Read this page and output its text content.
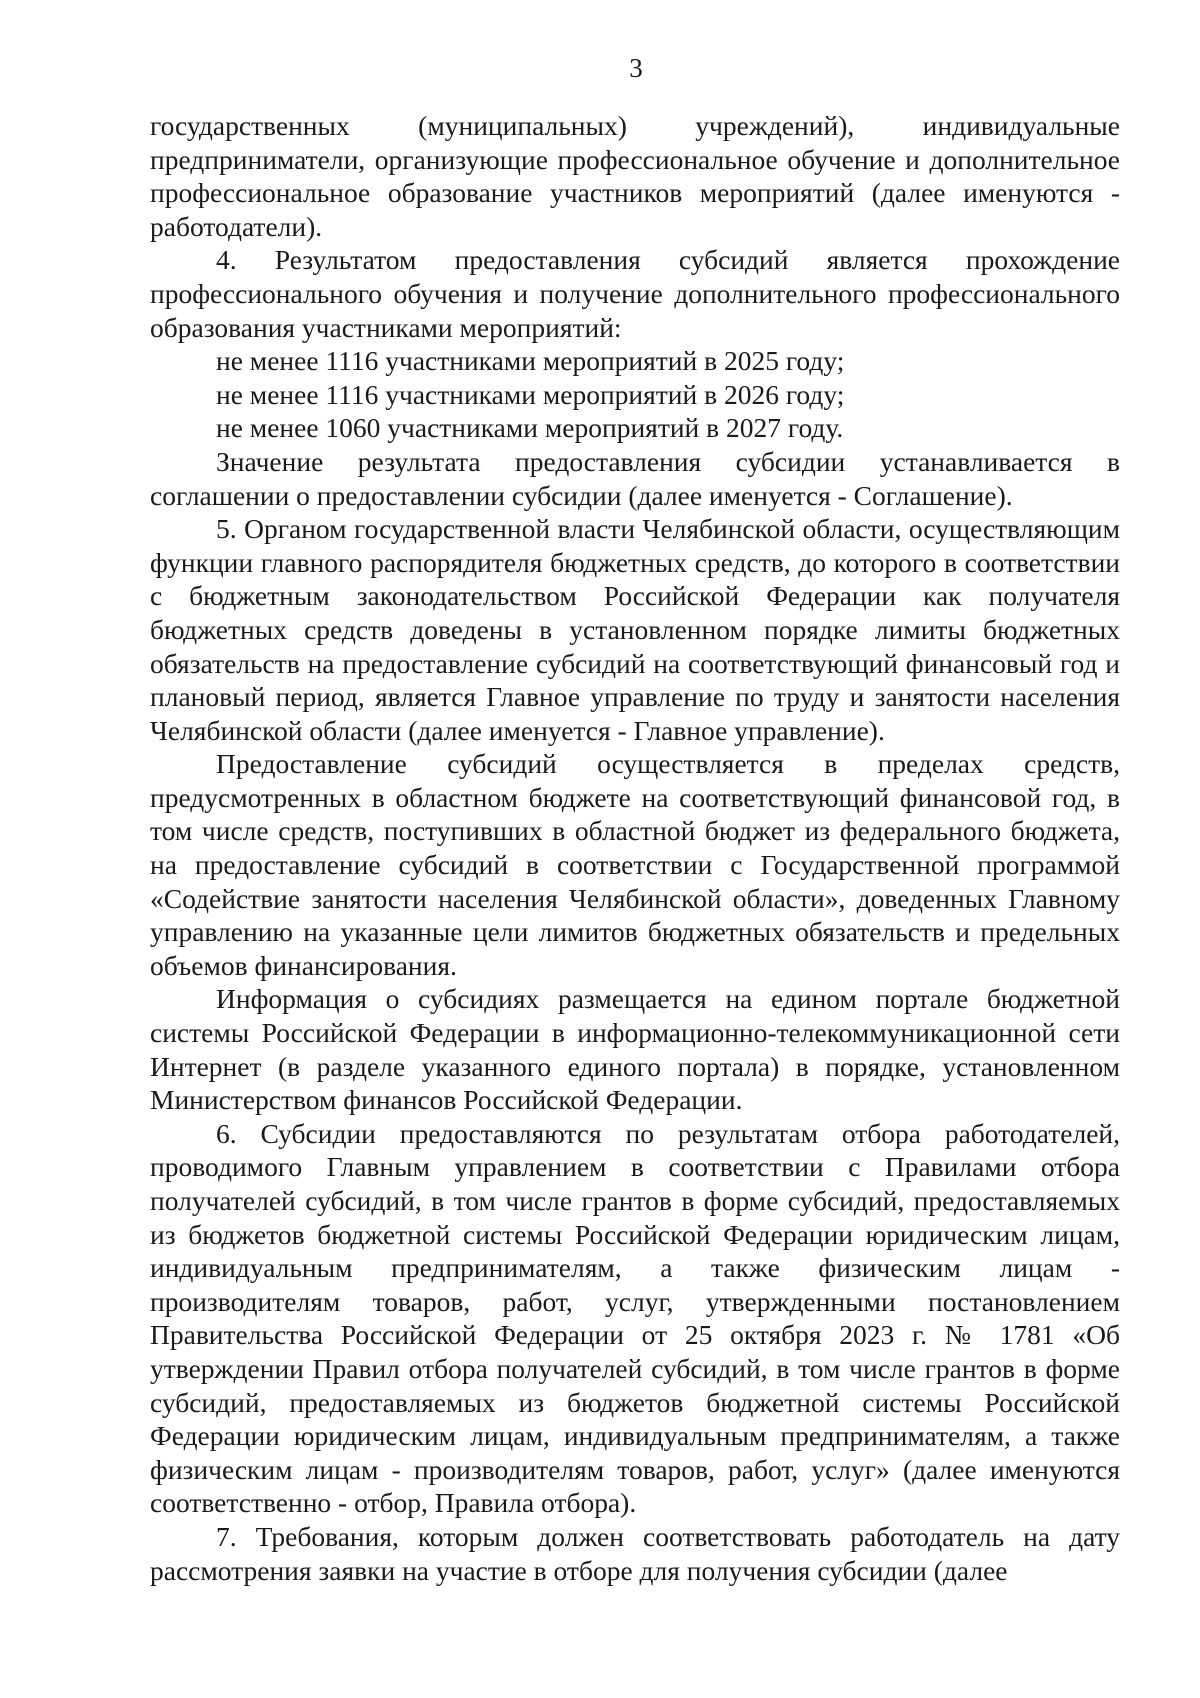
3

государственных (муниципальных) учреждений), индивидуальные предприниматели, организующие профессиональное обучение и дополнительное профессиональное образование участников мероприятий (далее именуются - работодатели).

4. Результатом предоставления субсидий является прохождение профессионального обучения и получение дополнительного профессионального образования участниками мероприятий:

не менее 1116 участниками мероприятий в 2025 году;

не менее 1116 участниками мероприятий в 2026 году;

не менее 1060 участниками мероприятий в 2027 году.

Значение результата предоставления субсидии устанавливается в соглашении о предоставлении субсидии (далее именуется - Соглашение).

5. Органом государственной власти Челябинской области, осуществляющим функции главного распорядителя бюджетных средств, до которого в соответствии с бюджетным законодательством Российской Федерации как получателя бюджетных средств доведены в установленном порядке лимиты бюджетных обязательств на предоставление субсидий на соответствующий финансовый год и плановый период, является Главное управление по труду и занятости населения Челябинской области (далее именуется - Главное управление).

Предоставление субсидий осуществляется в пределах средств, предусмотренных в областном бюджете на соответствующий финансовой год, в том числе средств, поступивших в областной бюджет из федерального бюджета, на предоставление субсидий в соответствии с Государственной программой «Содействие занятости населения Челябинской области», доведенных Главному управлению на указанные цели лимитов бюджетных обязательств и предельных объемов финансирования.

Информация о субсидиях размещается на едином портале бюджетной системы Российской Федерации в информационно-телекоммуникационной сети Интернет (в разделе указанного единого портала) в порядке, установленном Министерством финансов Российской Федерации.

6. Субсидии предоставляются по результатам отбора работодателей, проводимого Главным управлением в соответствии с Правилами отбора получателей субсидий, в том числе грантов в форме субсидий, предоставляемых из бюджетов бюджетной системы Российской Федерации юридическим лицам, индивидуальным предпринимателям, а также физическим лицам - производителям товаров, работ, услуг, утвержденными постановлением Правительства Российской Федерации от 25 октября 2023 г. № 1781 «Об утверждении Правил отбора получателей субсидий, в том числе грантов в форме субсидий, предоставляемых из бюджетов бюджетной системы Российской Федерации юридическим лицам, индивидуальным предпринимателям, а также физическим лицам - производителям товаров, работ, услуг» (далее именуются соответственно - отбор, Правила отбора).

7. Требования, которым должен соответствовать работодатель на дату рассмотрения заявки на участие в отборе для получения субсидии (далее
